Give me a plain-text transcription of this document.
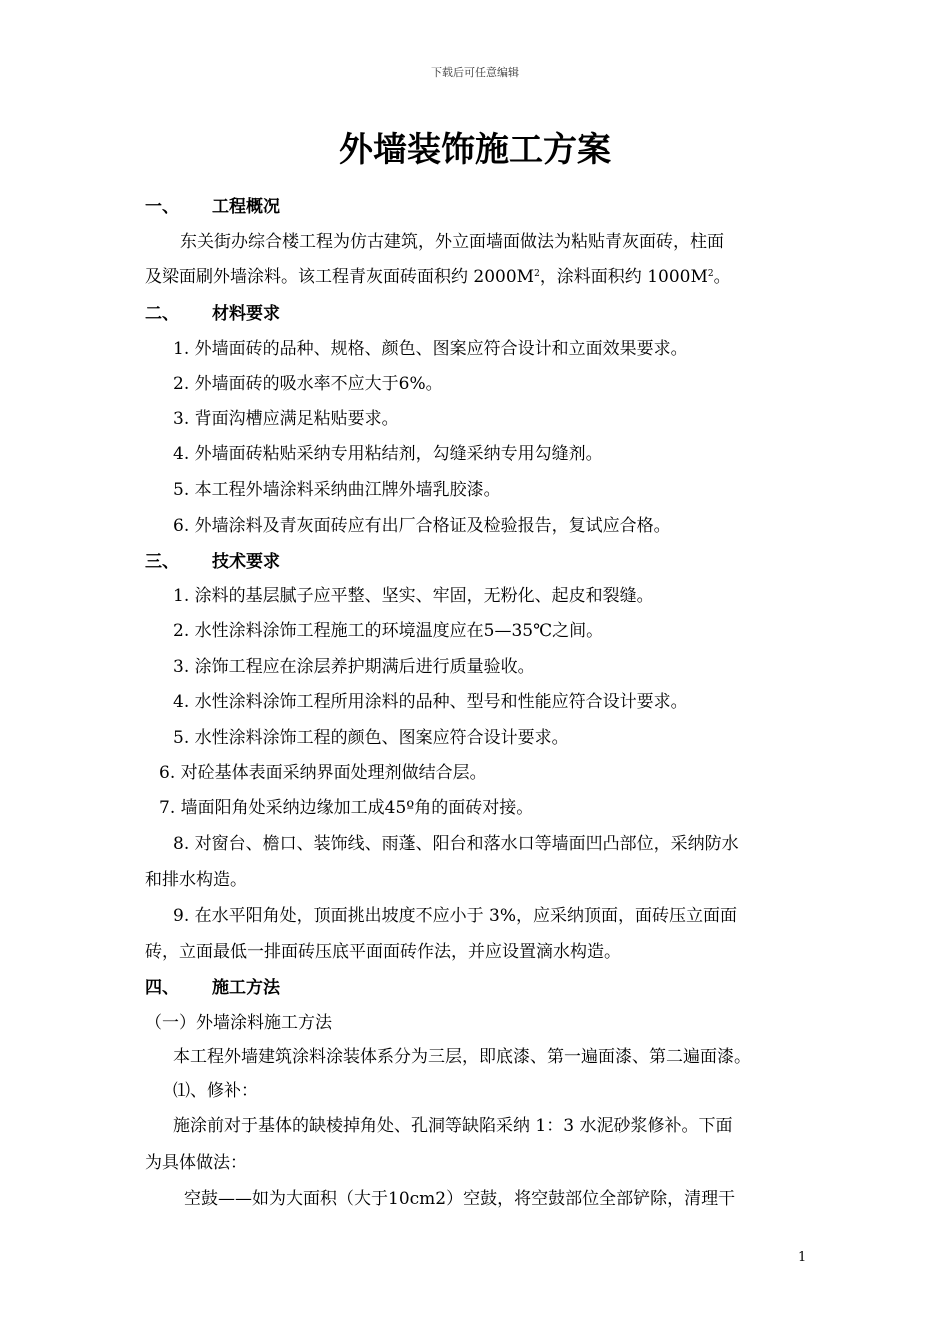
下载后可任意编辑
外墙装饰施工方案
一、 工程概况
东关街办综合楼工程为仿古建筑，外立面墙面做法为粘贴青灰面砖，柱面
及梁面刷外墙涂料。该工程青灰面砖面积约 $2000M^2$，涂料面积约 $1000M^2$。
二、 材料要求
1. 外墙面砖的品种、规格、颜色、图案应符合设计和立面效果要求。
2. 外墙面砖的吸水率不应大于6%。
3. 背面沟槽应满足粘贴要求。
4. 外墙面砖粘贴采纳专用粘结剂，勾缝采纳专用勾缝剂。
5. 本工程外墙涂料采纳曲江牌外墙乳胶漆。
6. 外墙涂料及青灰面砖应有出厂合格证及检验报告，复试应合格。
三、 技术要求
1. 涂料的基层腻子应平整、坚实、牢固，无粉化、起皮和裂缝。
2. 水性涂料涂饰工程施工的环境温度应在5—35℃之间。
3. 涂饰工程应在涂层养护期满后进行质量验收。
4. 水性涂料涂饰工程所用涂料的品种、型号和性能应符合设计要求。
5. 水性涂料涂饰工程的颜色、图案应符合设计要求。
6. 对砼基体表面采纳界面处理剂做结合层。
7. 墙面阳角处采纳边缘加工成45º角的面砖对接。
8. 对窗台、檐口、装饰线、雨蓬、阳台和落水口等墙面凹凸部位，采纳防水
和排水构造。
9. 在水平阳角处，顶面挑出坡度不应小于 3%，应采纳顶面，面砖压立面面
砖，立面最低一排面砖压底平面面砖作法，并应设置滴水构造。
四、 施工方法
（一）外墙涂料施工方法
本工程外墙建筑涂料涂装体系分为三层，即底漆、第一遍面漆、第二遍面漆。
⑴、修补：
施涂前对于基体的缺棱掉角处、孔洞等缺陷采纳 1：3 水泥砂浆修补。下面
为具体做法：
空鼓——如为大面积（大于10cm2）空鼓，将空鼓部位全部铲除，清理干
1
